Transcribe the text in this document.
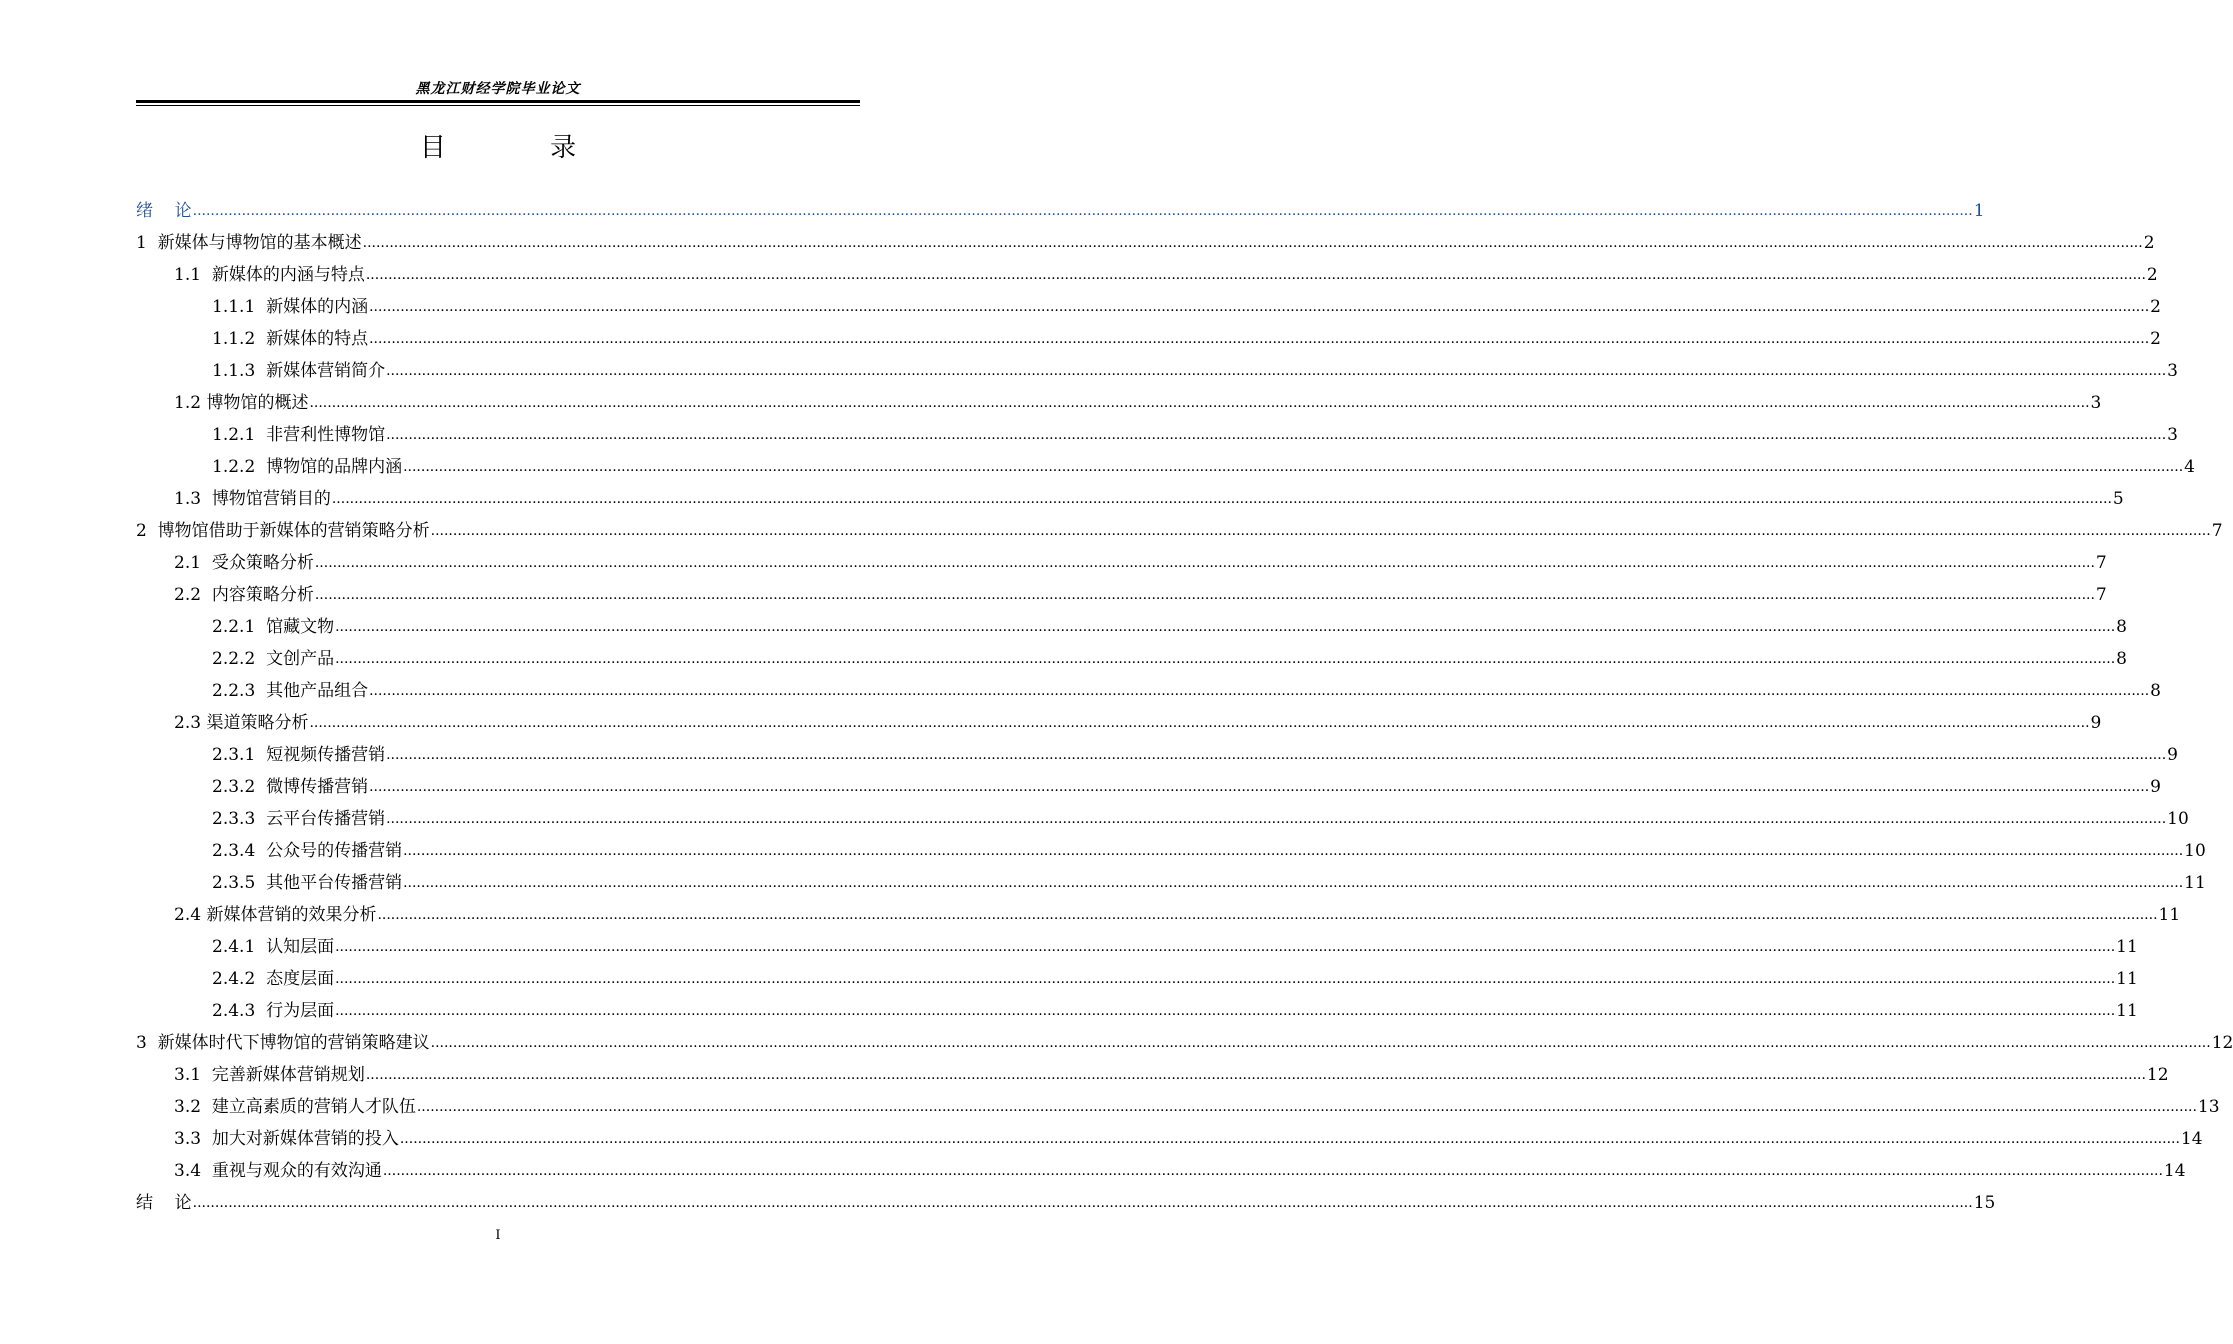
黑龙江财经学院毕业论文
目 录
绪    论 ................................................................................................................................................................................................................................................................................................................................................................................................................ 1
1  新媒体与博物馆的基本概述 ................................................................................................................................................................................................................................................................................................................................................................................................................ 2
1.1  新媒体的内涵与特点 ................................................................................................................................................................................................................................................................................................................................................................................................................ 2
1.1.1  新媒体的内涵 ................................................................................................................................................................................................................................................................................................................................................................................................................ 2
1.1.2  新媒体的特点 ................................................................................................................................................................................................................................................................................................................................................................................................................ 2
1.1.3  新媒体营销简介 ................................................................................................................................................................................................................................................................................................................................................................................................................ 3
1.2 博物馆的概述 ................................................................................................................................................................................................................................................................................................................................................................................................................ 3
1.2.1  非营利性博物馆 ................................................................................................................................................................................................................................................................................................................................................................................................................ 3
1.2.2  博物馆的品牌内涵 ................................................................................................................................................................................................................................................................................................................................................................................................................ 4
1.3  博物馆营销目的 ................................................................................................................................................................................................................................................................................................................................................................................................................ 5
2  博物馆借助于新媒体的营销策略分析 ................................................................................................................................................................................................................................................................................................................................................................................................................ 7
2.1  受众策略分析 ................................................................................................................................................................................................................................................................................................................................................................................................................ 7
2.2  内容策略分析 ................................................................................................................................................................................................................................................................................................................................................................................................................ 7
2.2.1  馆藏文物 ................................................................................................................................................................................................................................................................................................................................................................................................................ 8
2.2.2  文创产品 ................................................................................................................................................................................................................................................................................................................................................................................................................ 8
2.2.3  其他产品组合 ................................................................................................................................................................................................................................................................................................................................................................................................................ 8
2.3 渠道策略分析 ................................................................................................................................................................................................................................................................................................................................................................................................................ 9
2.3.1  短视频传播营销 ................................................................................................................................................................................................................................................................................................................................................................................................................ 9
2.3.2  微博传播营销 ................................................................................................................................................................................................................................................................................................................................................................................................................ 9
2.3.3  云平台传播营销 ................................................................................................................................................................................................................................................................................................................................................................................................................ 10
2.3.4  公众号的传播营销 ................................................................................................................................................................................................................................................................................................................................................................................................................ 10
2.3.5  其他平台传播营销 ................................................................................................................................................................................................................................................................................................................................................................................................................ 11
2.4 新媒体营销的效果分析 ................................................................................................................................................................................................................................................................................................................................................................................................................ 11
2.4.1  认知层面 ................................................................................................................................................................................................................................................................................................................................................................................................................ 11
2.4.2  态度层面 ................................................................................................................................................................................................................................................................................................................................................................................................................ 11
2.4.3  行为层面 ................................................................................................................................................................................................................................................................................................................................................................................................................ 11
3  新媒体时代下博物馆的营销策略建议 ................................................................................................................................................................................................................................................................................................................................................................................................................ 12
3.1  完善新媒体营销规划 ................................................................................................................................................................................................................................................................................................................................................................................................................ 12
3.2  建立高素质的营销人才队伍 ................................................................................................................................................................................................................................................................................................................................................................................................................ 13
3.3  加大对新媒体营销的投入 ................................................................................................................................................................................................................................................................................................................................................................................................................ 14
3.4  重视与观众的有效沟通 ................................................................................................................................................................................................................................................................................................................................................................................................................ 14
结    论 ................................................................................................................................................................................................................................................................................................................................................................................................................ 15
I
